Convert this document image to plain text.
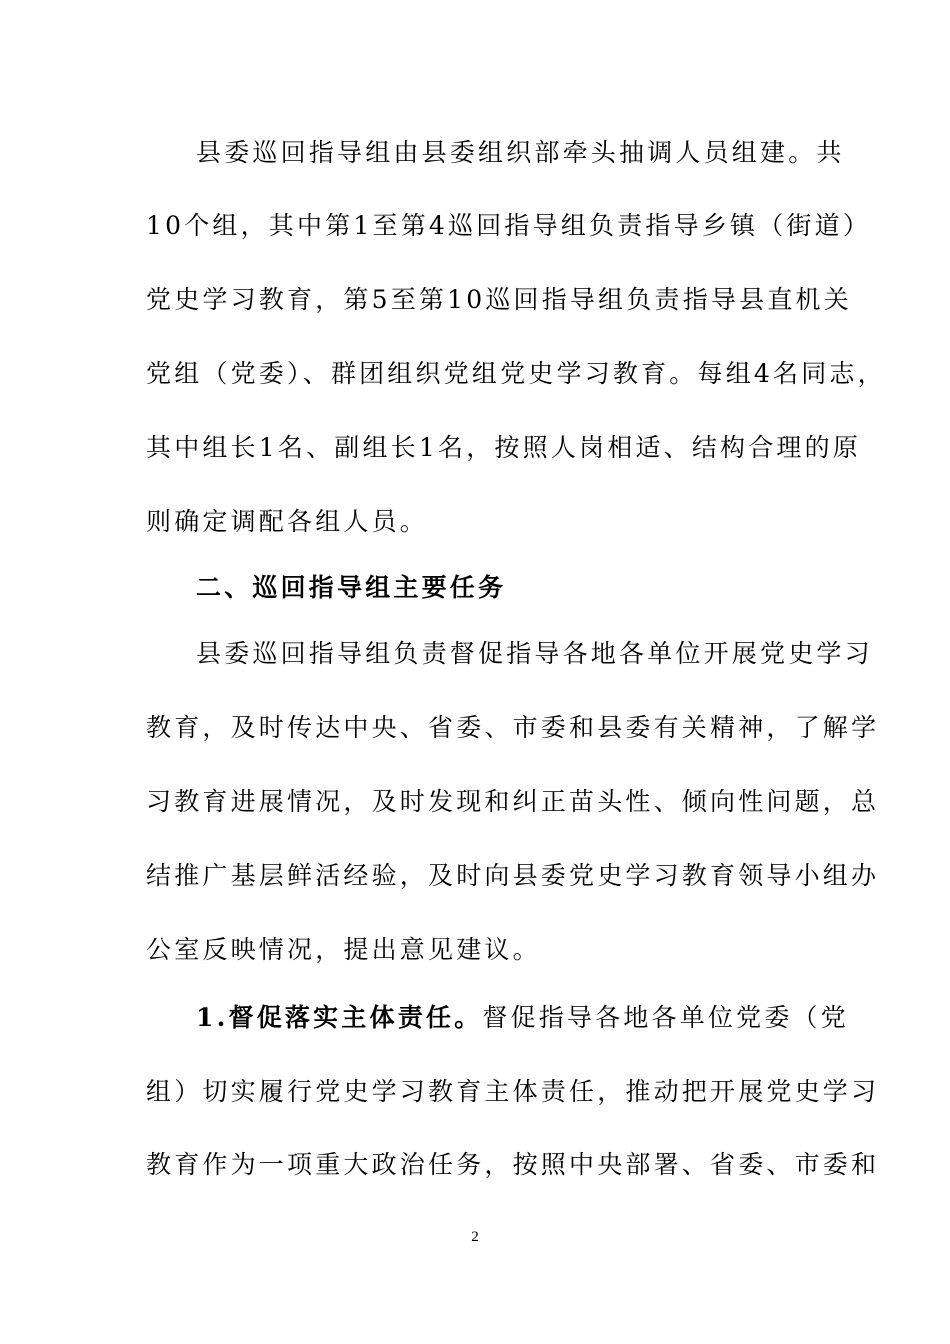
县委巡回指导组由县委组织部牵头抽调人员组建。共
10个组，其中第1至第4巡回指导组负责指导乡镇（街道）
党史学习教育，第5至第10巡回指导组负责指导县直机关
党组（党委）、群团组织党组党史学习教育。每组4名同志，
其中组长1名、副组长1名，按照人岗相适、结构合理的原
则确定调配各组人员。
二、巡回指导组主要任务
县委巡回指导组负责督促指导各地各单位开展党史学习
教育，及时传达中央、省委、市委和县委有关精神，了解学
习教育进展情况，及时发现和纠正苗头性、倾向性问题，总
结推广基层鲜活经验，及时向县委党史学习教育领导小组办
公室反映情况，提出意见建议。
1.督促落实主体责任。督促指导各地各单位党委（党
组）切实履行党史学习教育主体责任，推动把开展党史学习
教育作为一项重大政治任务，按照中央部署、省委、市委和
2
